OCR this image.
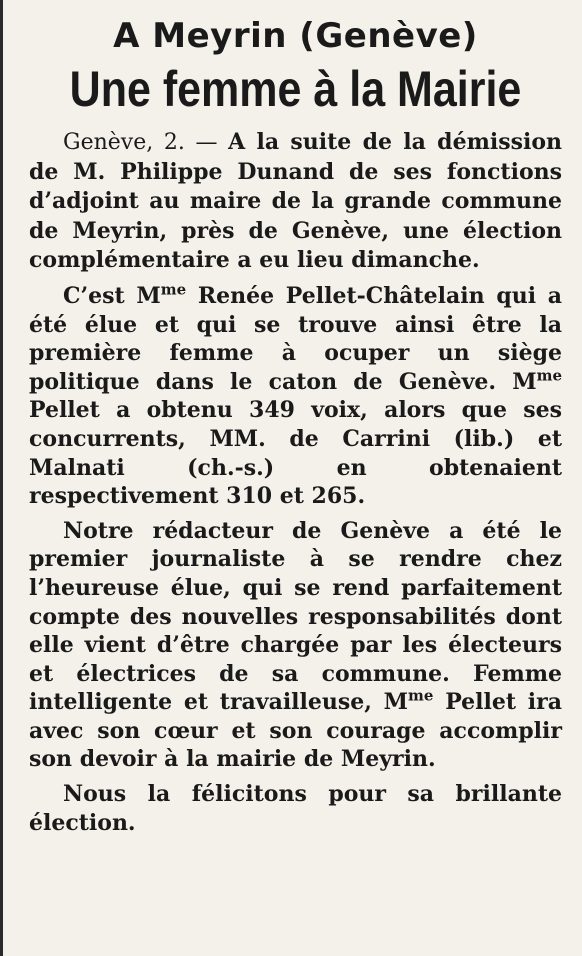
A Meyrin (Genève)
Une femme à la Mairie

Genève, 2. — A la suite de la démission de M. Philippe Dunand de ses fonctions d’adjoint au maire de la grande commune de Meyrin, près de Genève, une élection complémentaire a eu lieu dimanche.

C’est $M^{me}$ Renée Pellet-Châtelain qui a été élue et qui se trouve ainsi être la première femme à ocuper un siège politique dans le caton de Genève. $M^{me}$ Pellet a obtenu 349 voix, alors que ses concurrents, MM. de Carrini (lib.) et Malnati (ch.-s.) en obtenaient respectivement 310 et 265.

Notre rédacteur de Genève a été le premier journaliste à se rendre chez l’heureuse élue, qui se rend parfaitement compte des nouvelles responsabilités dont elle vient d’être chargée par les électeurs et électrices de sa commune. Femme intelligente et travailleuse, $M^{me}$ Pellet ira avec son cœur et son courage accomplir son devoir à la mairie de Meyrin.

Nous la félicitons pour sa brillante élection.
